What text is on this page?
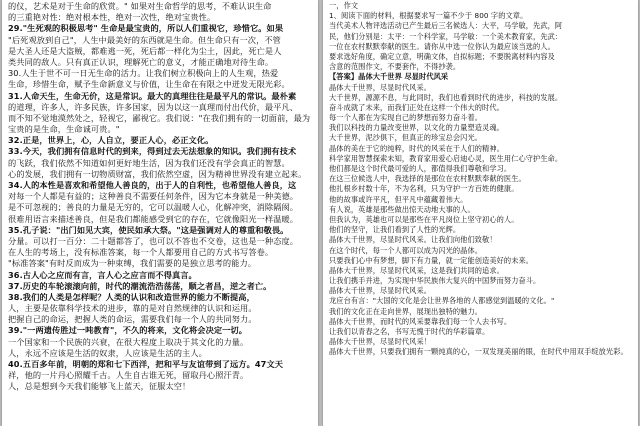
的仪，艺术是对于生命的欣赏。" 如果对生命哲学的思考，不难认识生命
的三重艳对性：绝对根本性，绝对一次性，绝对宝贵性。
29."生死观的积极思考" 生命是最宝贵的，所以人们重视它，珍惜它。如果
"后死观放到自己"，人生中最美好的东西就是生命。但生命只有一次，不管
是大圣人还是大盗贼，都难逃一死，死后都一样化为尘土，因此，死亡是人
类共同的敌人。只有真正认识，理解死亡的意义，才能正确地对待生命。
30.人生于世不可一日无生命的活力。让我们树立积极向上的人生观，热爱
生命，珍惜生命，赋予生命新意义与价值，让生命在有限之中迸发无限光彩。
31.人命天生，生命无价，这是常识。最大的真理往往是最平凡的常识。最朴素
的道理，许多人，许多民族，许多国家，因为以这一真理而付出代价，最平凡、
而不知不觉地漠然处之，轻视它，鄙视它。我们说："在我们拥有的一切面前，最为
宝贵的是生命，生命诚可贵。"
32.正是，世界上，心，人自立，要正人心，必正文化。
33.今天，我们拥有信息时代的到来，得到过去无法想象的知识。我们拥有技术
的飞跃，我们依然不知道如何更好地生活，因为我们还没有学会真正的智慧。
心的发展，我们拥有一切物质财富，我们依然空虚，因为精神世界没有建立起来。
34.人的本性是喜欢和希望他人善良的，出于人的自利性，也希望他人善良，这
对每一个人都是有益的；这种善良不需要任何条件，因为它本身就是一种美德。
是不可忽视的；善良的力量是无穷的，它可以温暖人心，化解冲突，消除隔阂。
很难用语言来描述善良，但是我们都能感受到它的存在，它就像阳光一样温暖。
35.孔子说："出门如见大宾，使民如承大祭。"这是强调对人的尊重和敬畏。
分量。可以打一百分：二十题都答了，也可以不答也不交卷，这也是一种态度。
在人生的考场上，没有标准答案，每一个人都要用自己的方式书写答卷。
"标准答案"有时反而成为一种束缚，我们需要的是独立思考的能力。
36.古人心之应而有言，言人心之应言而不得真言。
37.历史的车轮滚滚向前，时代的潮流浩浩荡荡，顺之者昌，逆之者亡。
38.我们的人类是怎样呢？人类的认识和改造世界的能力不断提高，
人，主要是依靠科学技术的进步，靠的是对自然规律的认识和运用。
把握自己的命运，把握人类的命运，需要我们每一个人的共同努力。
39."一两遗传胜过一吨教育"，不久的将来，文化将会决定一切。
一个国家和一个民族的兴衰，在很大程度上取决于其文化的力量。
人，永远不应该是生活的奴隶，人应该是生活的主人。
40.五百多年前，明朝的郑和七下西洋，把和平与友谊带到了远方。47文天
祥，他的一片丹心照耀千古。人生自古谁无死，留取丹心照汗青。
人，总是想到今天我们能够飞上蓝天，征服太空！
一，作文
1、阅读下面的材料，根据要求写一篇不少于 800 字的文章。
当代美术人物评选活动已产生最后三名候选人：大平，马学敏，先武，阿
民，他们分别是：太平：一个科学家，马学敏：一个美术教育家，先武：
一位在农村默默奉献的医生。请你从中选一位你认为最应该当选的人。
要求选好角度，确定立意，明确文体，自拟标题；不要脱离材料内容及
含意的范围作文，不要套作，不得抄袭。
【答案】晶体大千世界 尽显时代风采
晶体大千世界，尽显时代风采。
大千世界，源源不息，与此同时，我们也看到时代的进步，科技的发展。
奋斗成就了未来，而我们正处在这样一个伟大的时代。
每一个人都在为实现自己的梦想而努力奋斗着。
我们以科技的力量改变世界，以文化的力量塑造灵魂。
大千世界，泥沙俱下，但真正的珍宝总会闪光。
晶体的美在于它的纯粹，时代的风采在于人们的精神。
科学家用智慧探索未知，教育家用爱心启迪心灵，医生用仁心守护生命。
他们都是这个时代最可爱的人，都值得我们尊敬和学习。
在这三位候选人中，我选择的是那位在农村默默奉献的医生。
他扎根乡村数十年，不为名利，只为守护一方百姓的健康。
他的故事或许平凡，但平凡中蕴藏着伟大。
有人说，英雄是那些做出惊天动地大事的人。
但我认为，英雄也可以是那些在平凡岗位上坚守初心的人。
他们的坚守，让我们看到了人性的光辉。
晶体大千世界，尽显时代风采。让我们向他们致敬！
在这个时代，每一个人都可以成为闪光的晶体。
只要我们心中有梦想，脚下有力量，就一定能创造美好的未来。
晶体大千世界，尽显时代风采，这是我们共同的追求。
让我们携手并进，为实现中华民族伟大复兴的中国梦而努力奋斗。
晶体大千世界，尽显时代风采。
龙应台有言："大国的文化是会让世界各地的人都感觉到温暖的文化。"
我们的文化正在走向世界，展现出独特的魅力。
晶体大千世界，而时代的风采要靠我们每一个人去书写。
让我们以青春之名，书写无愧于时代的华彩篇章。
晶体大千世界，尽显时代风采！
晶体大千世界，只要我们拥有一颗纯真的心，一双发现美丽的眼，在时代中用双手绽放光彩。
